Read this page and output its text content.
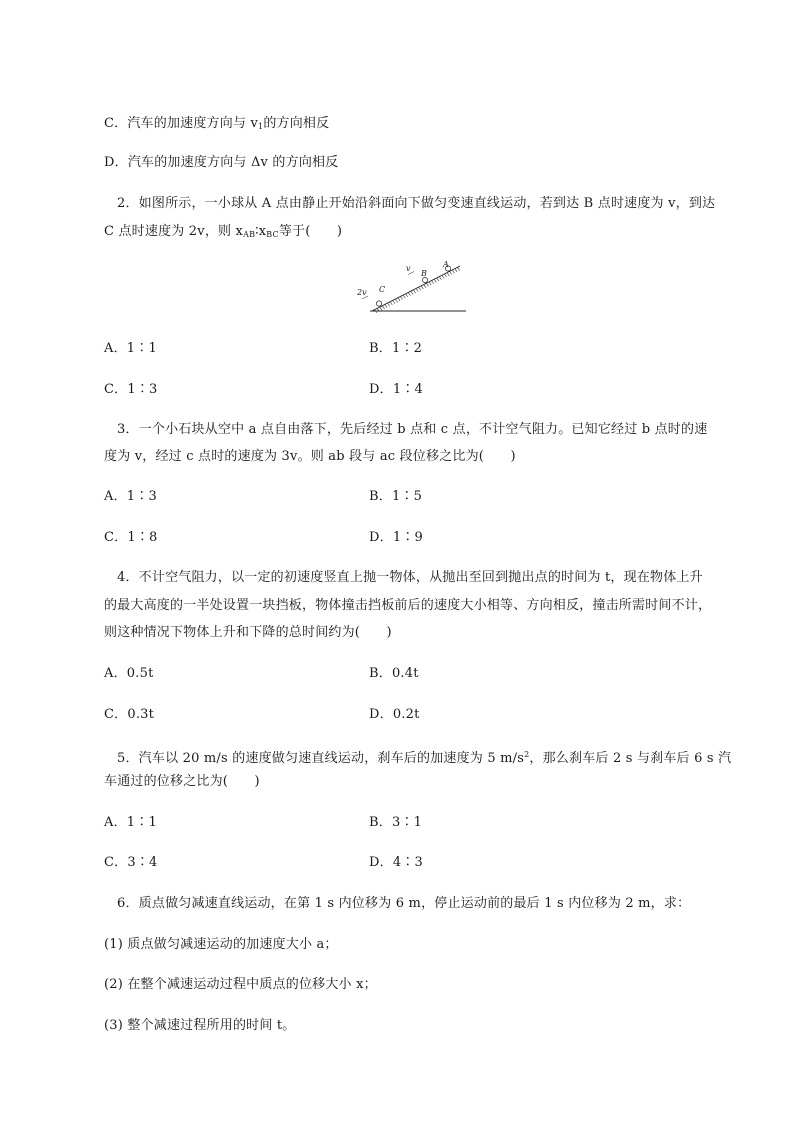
C．汽车的加速度方向与 $v_1$的方向相反
D．汽车的加速度方向与 Δv 的方向相反
2．如图所示，一小球从 A 点由静止开始沿斜面向下做匀变速直线运动，若到达 B 点时速度为 v，到达
C 点时速度为 2v，则 $x_{AB}∶x_{BC}$等于(　　)
A
B
C
v
2v
A．1∶1	B．1∶2
C．1∶3	D．1∶4
3．一个小石块从空中 a 点自由落下，先后经过 b 点和 c 点，不计空气阻力。已知它经过 b 点时的速
度为 v，经过 c 点时的速度为 3v。则 ab 段与 ac 段位移之比为(　　)
A．1∶3	B．1∶5
C．1∶8	D．1∶9
4．不计空气阻力，以一定的初速度竖直上抛一物体，从抛出至回到抛出点的时间为 t，现在物体上升
的最大高度的一半处设置一块挡板，物体撞击挡板前后的速度大小相等、方向相反，撞击所需时间不计，
则这种情况下物体上升和下降的总时间约为(　　)
A．0.5t	B．0.4t
C．0.3t	D．0.2t
5．汽车以 20 m/s 的速度做匀速直线运动，刹车后的加速度为 5 $m/s^2$，那么刹车后 2 s 与刹车后 6 s 汽
车通过的位移之比为(　　)
A．1∶1	B．3∶1
C．3∶4	D．4∶3
6．质点做匀减速直线运动，在第 1 s 内位移为 6 m，停止运动前的最后 1 s 内位移为 2 m，求：
(1) 质点做匀减速运动的加速度大小 a；
(2) 在整个减速运动过程中质点的位移大小 x；
(3) 整个减速过程所用的时间 t。
